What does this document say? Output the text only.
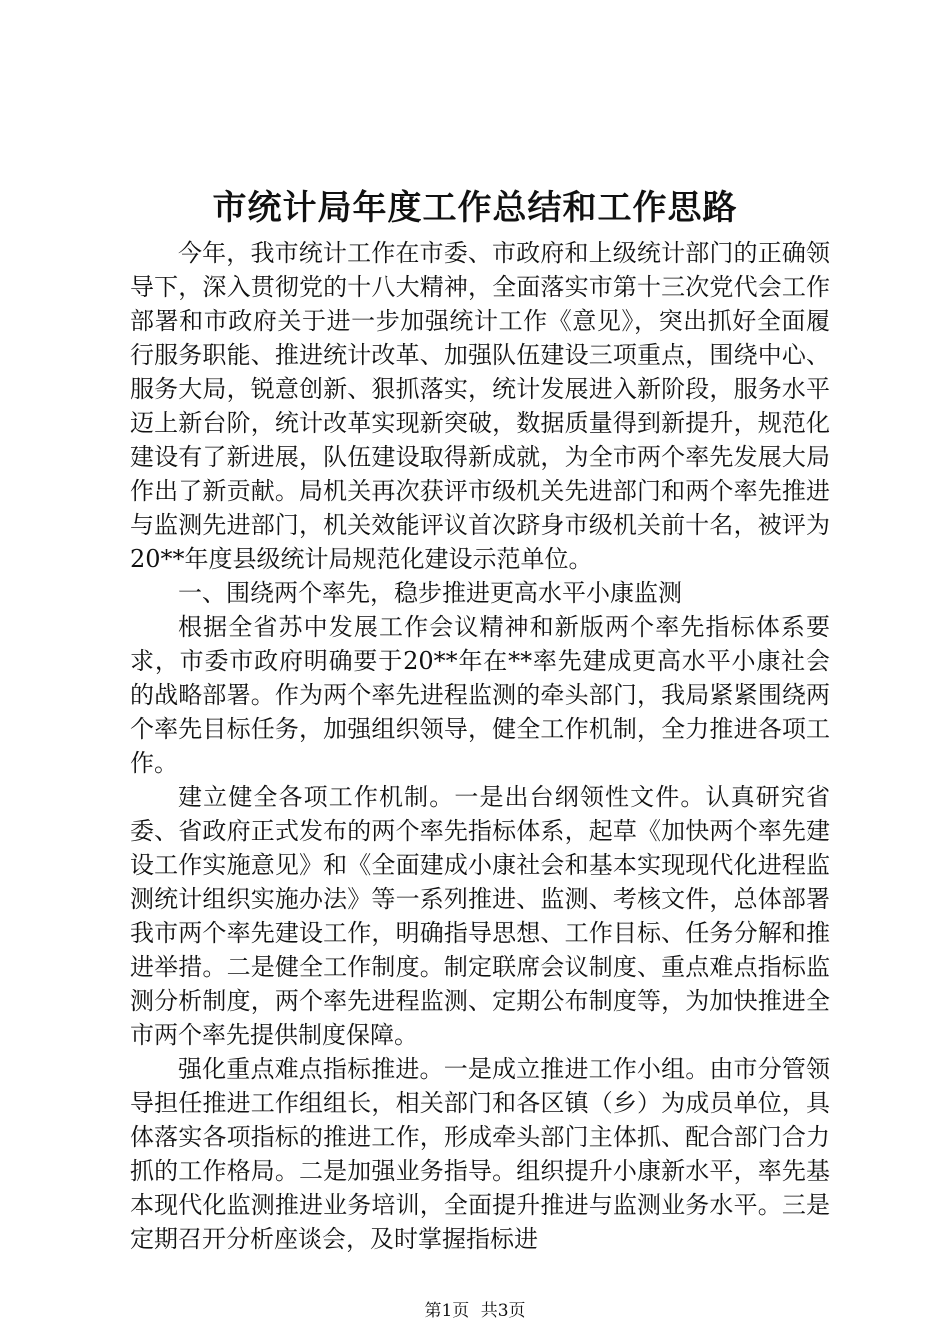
市统计局年度工作总结和工作思路

今年，我市统计工作在市委、市政府和上级统计部门的正确领导下，深入贯彻党的十八大精神，全面落实市第十三次党代会工作部署和市政府关于进一步加强统计工作《意见》，突出抓好全面履行服务职能、推进统计改革、加强队伍建设三项重点，围绕中心、服务大局，锐意创新、狠抓落实，统计发展进入新阶段，服务水平迈上新台阶，统计改革实现新突破，数据质量得到新提升，规范化建设有了新进展，队伍建设取得新成就，为全市两个率先发展大局作出了新贡献。局机关再次获评市级机关先进部门和两个率先推进与监测先进部门，机关效能评议首次跻身市级机关前十名，被评为20**年度县级统计局规范化建设示范单位。

一、围绕两个率先，稳步推进更高水平小康监测

根据全省苏中发展工作会议精神和新版两个率先指标体系要求，市委市政府明确要于20**年在**率先建成更高水平小康社会的战略部署。作为两个率先进程监测的牵头部门，我局紧紧围绕两个率先目标任务，加强组织领导，健全工作机制，全力推进各项工作。

建立健全各项工作机制。一是出台纲领性文件。认真研究省委、省政府正式发布的两个率先指标体系，起草《加快两个率先建设工作实施意见》和《全面建成小康社会和基本实现现代化进程监测统计组织实施办法》等一系列推进、监测、考核文件，总体部署我市两个率先建设工作，明确指导思想、工作目标、任务分解和推进举措。二是健全工作制度。制定联席会议制度、重点难点指标监测分析制度，两个率先进程监测、定期公布制度等，为加快推进全市两个率先提供制度保障。

强化重点难点指标推进。一是成立推进工作小组。由市分管领导担任推进工作组组长，相关部门和各区镇（乡）为成员单位，具体落实各项指标的推进工作，形成牵头部门主体抓、配合部门合力抓的工作格局。二是加强业务指导。组织提升小康新水平，率先基本现代化监测推进业务培训，全面提升推进与监测业务水平。三是定期召开分析座谈会，及时掌握指标进

第1页 共3页
